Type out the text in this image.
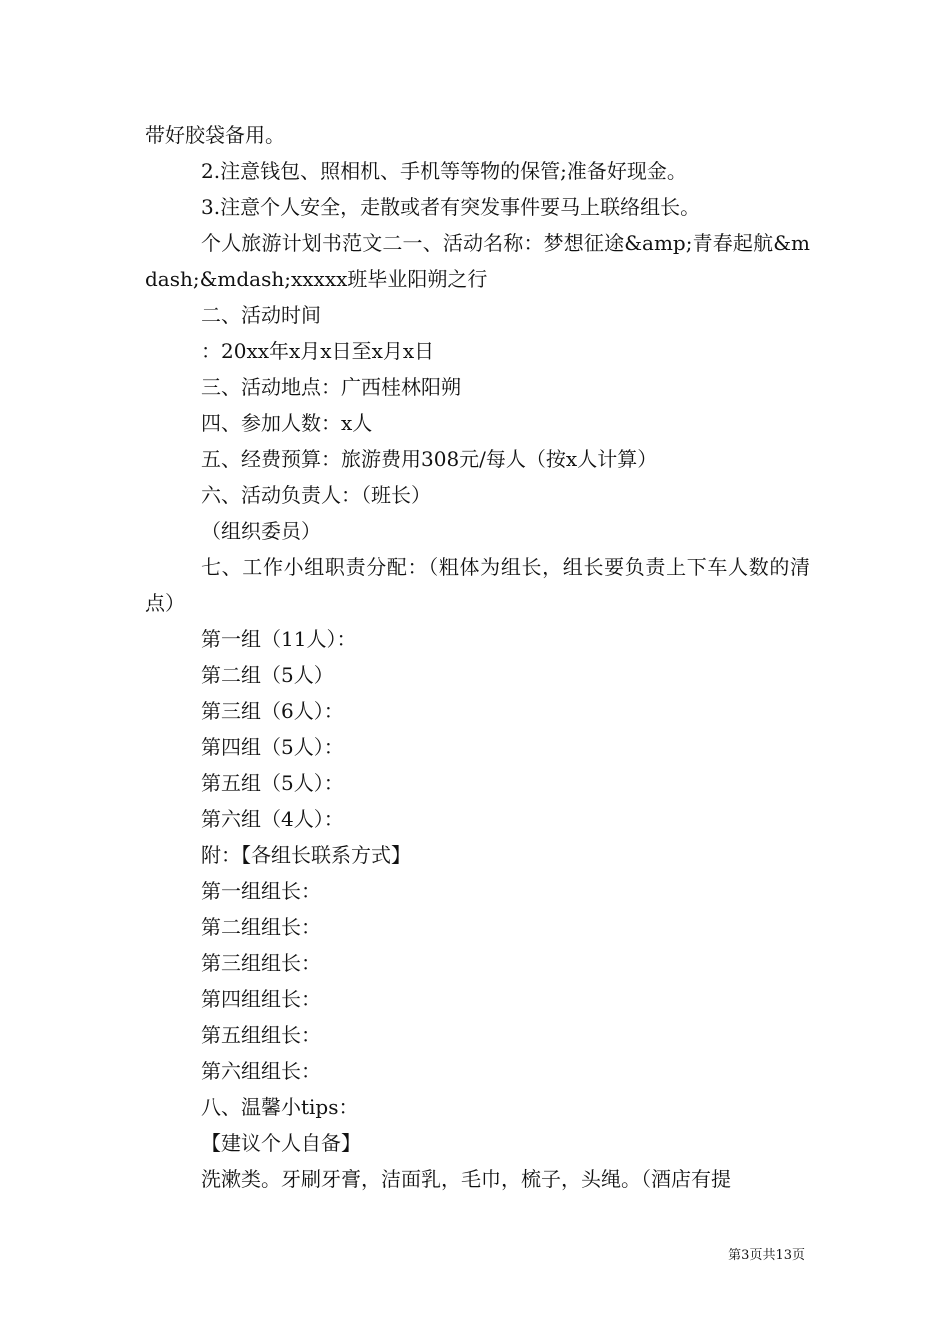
带好胶袋备用。

2.注意钱包、照相机、手机等等物的保管;准备好现金。

3.注意个人安全，走散或者有突发事件要马上联络组长。

个人旅游计划书范文二一、活动名称：梦想征途&amp;青春起航&mdash;&mdash;xxxxx班毕业阳朔之行

二、活动时间

：20xx年x月x日至x月x日

三、活动地点：广西桂林阳朔

四、参加人数：x人

五、经费预算：旅游费用308元/每人（按x人计算）

六、活动负责人：（班长）

（组织委员）

七、工作小组职责分配：（粗体为组长，组长要负责上下车人数的清点）

第一组（11人）：

第二组（5人）

第三组（6人）：

第四组（5人）：

第五组（5人）：

第六组（4人）：

附：【各组长联系方式】

第一组组长：

第二组组长：

第三组组长：

第四组组长：

第五组组长：

第六组组长：

八、温馨小tips：

【建议个人自备】

洗漱类。牙刷牙膏，洁面乳，毛巾，梳子，头绳。（酒店有提

第3页共13页
